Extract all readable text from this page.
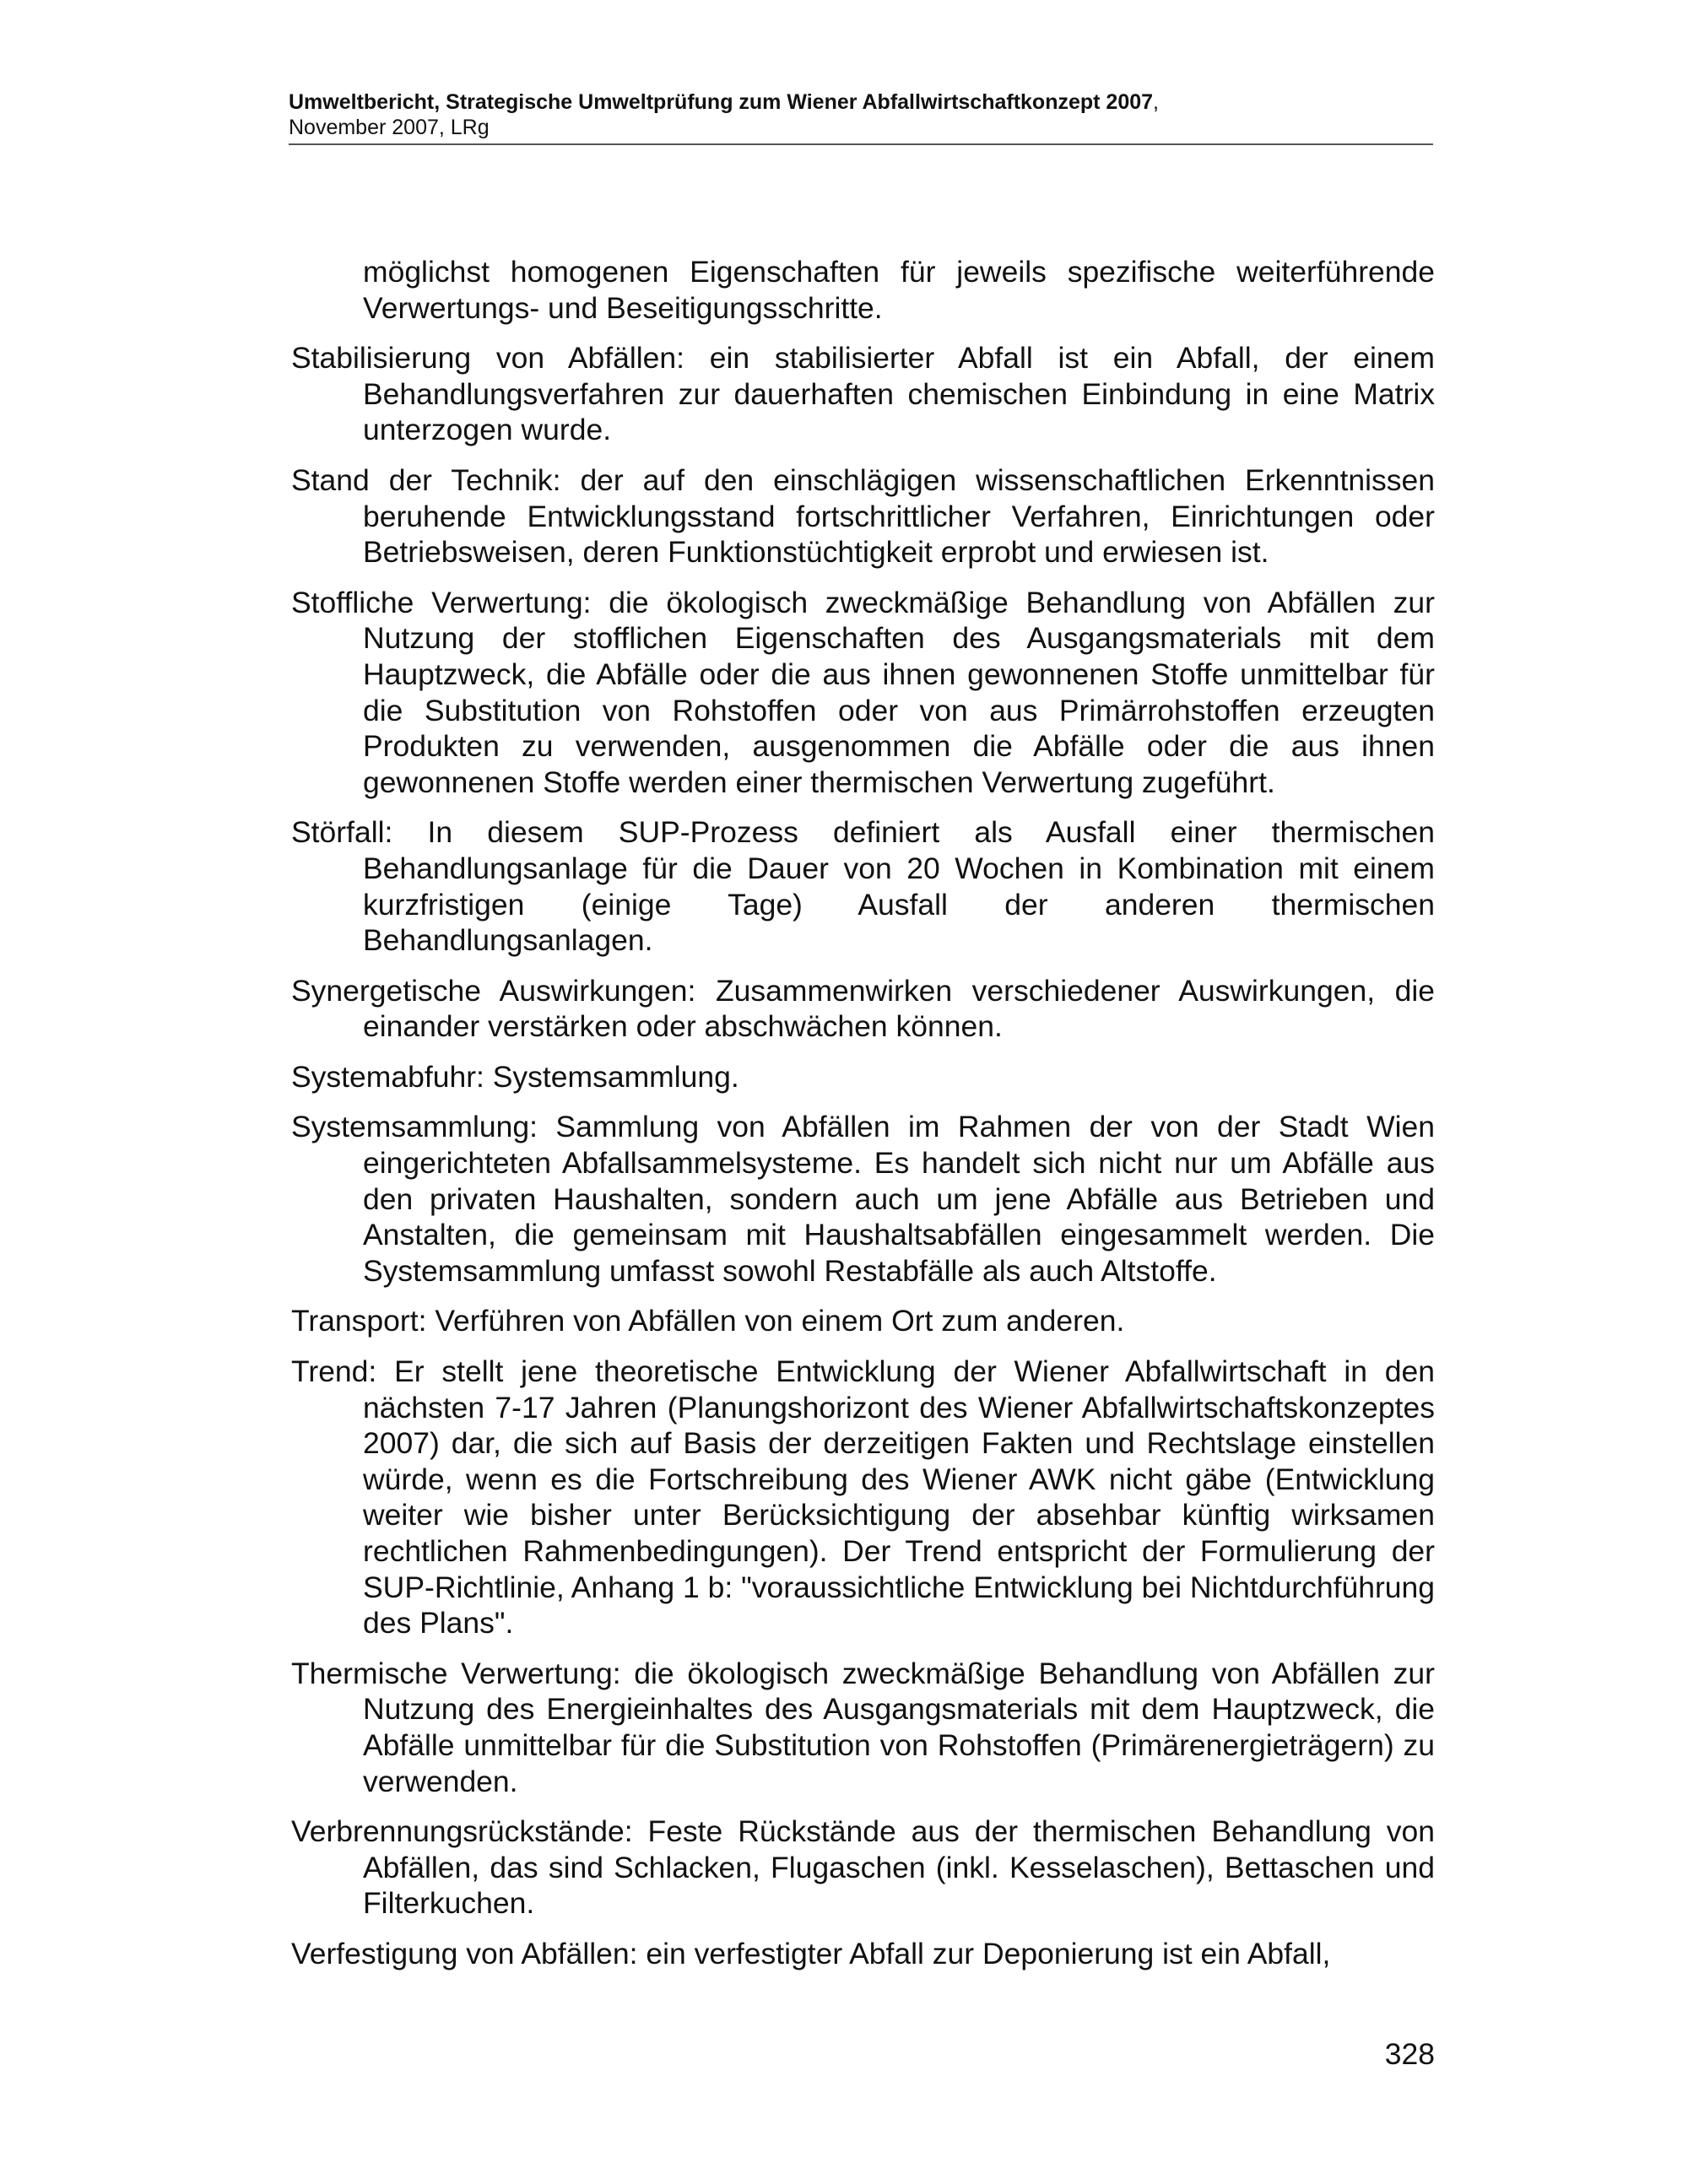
Umweltbericht, Strategische Umweltprüfung zum Wiener Abfallwirtschaftkonzept 2007,
November 2007, LRg

möglichst homogenen Eigenschaften für jeweils spezifische weiterführende Verwertungs- und Beseitigungsschritte.

Stabilisierung von Abfällen: ein stabilisierter Abfall ist ein Abfall, der einem Behandlungsverfahren zur dauerhaften chemischen Einbindung in eine Matrix unterzogen wurde.

Stand der Technik: der auf den einschlägigen wissenschaftlichen Erkenntnissen beruhende Entwicklungsstand fortschrittlicher Verfahren, Einrichtungen oder Betriebsweisen, deren Funktionstüchtigkeit erprobt und erwiesen ist.

Stoffliche Verwertung: die ökologisch zweckmäßige Behandlung von Abfällen zur Nutzung der stofflichen Eigenschaften des Ausgangsmaterials mit dem Hauptzweck, die Abfälle oder die aus ihnen gewonnenen Stoffe unmittelbar für die Substitution von Rohstoffen oder von aus Primärrohstoffen erzeugten Produkten zu verwenden, ausgenommen die Abfälle oder die aus ihnen gewonnenen Stoffe werden einer thermischen Verwertung zugeführt.

Störfall: In diesem SUP-Prozess definiert als Ausfall einer thermischen Behandlungsanlage für die Dauer von 20 Wochen in Kombination mit einem kurzfristigen (einige Tage) Ausfall der anderen thermischen Behandlungsanlagen.

Synergetische Auswirkungen: Zusammenwirken verschiedener Auswirkungen, die einander verstärken oder abschwächen können.

Systemabfuhr: Systemsammlung.

Systemsammlung: Sammlung von Abfällen im Rahmen der von der Stadt Wien eingerichteten Abfallsammelsysteme. Es handelt sich nicht nur um Abfälle aus den privaten Haushalten, sondern auch um jene Abfälle aus Betrieben und Anstalten, die gemeinsam mit Haushaltsabfällen eingesammelt werden. Die Systemsammlung umfasst sowohl Restabfälle als auch Altstoffe.

Transport: Verführen von Abfällen von einem Ort zum anderen.

Trend: Er stellt jene theoretische Entwicklung der Wiener Abfallwirtschaft in den nächsten 7-17 Jahren (Planungshorizont des Wiener Abfallwirtschaftskonzeptes 2007) dar, die sich auf Basis der derzeitigen Fakten und Rechtslage einstellen würde, wenn es die Fortschreibung des Wiener AWK nicht gäbe (Entwicklung weiter wie bisher unter Berücksichtigung der absehbar künftig wirksamen rechtlichen Rahmenbedingungen). Der Trend entspricht der Formulierung der SUP-Richtlinie, Anhang 1 b: "voraussichtliche Entwicklung bei Nichtdurchführung des Plans".

Thermische Verwertung: die ökologisch zweckmäßige Behandlung von Abfällen zur Nutzung des Energieinhaltes des Ausgangsmaterials mit dem Hauptzweck, die Abfälle unmittelbar für die Substitution von Rohstoffen (Primärenergieträgern) zu verwenden.

Verbrennungsrückstände: Feste Rückstände aus der thermischen Behandlung von Abfällen, das sind Schlacken, Flugaschen (inkl. Kesselaschen), Bettaschen und Filterkuchen.

Verfestigung von Abfällen: ein verfestigter Abfall zur Deponierung ist ein Abfall,

328
